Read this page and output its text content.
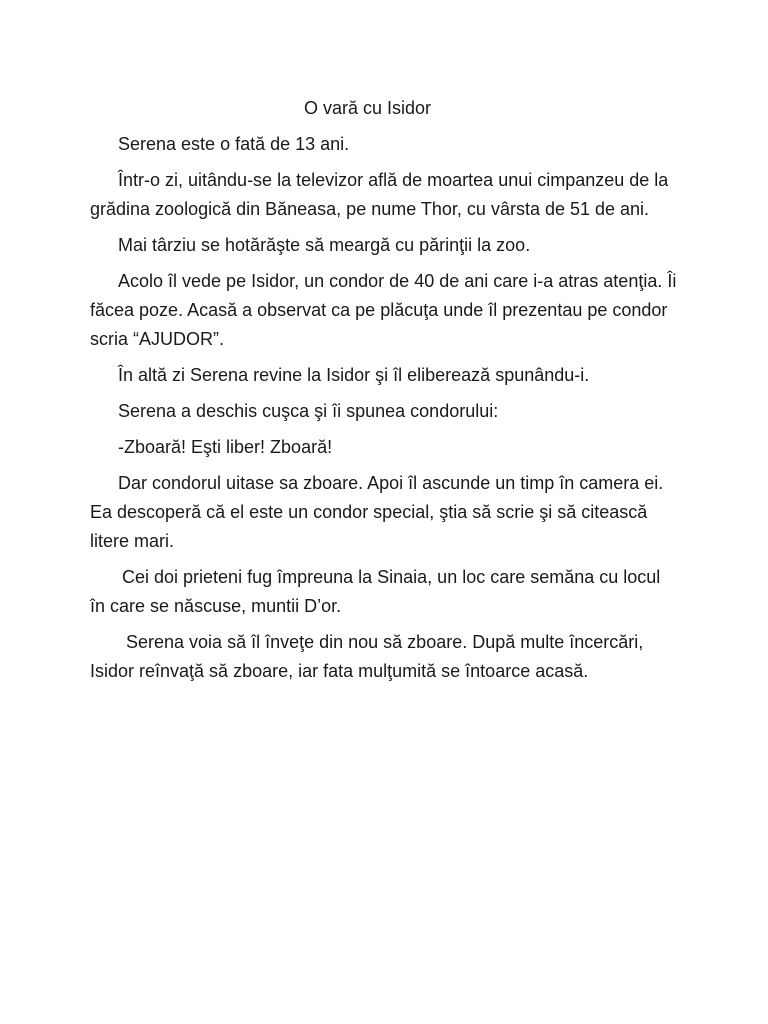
O vară cu Isidor

Serena este o fată de 13 ani.

Într-o zi, uitându-se la televizor află de moartea unui cimpanzeu de la grădina zoologică din Băneasa, pe nume Thor, cu vârsta de 51 de ani.

Mai târziu se hotărăşte să meargă cu părinţii la zoo.

Acolo îl vede pe Isidor, un condor de 40 de ani care i-a atras atenţia. Îi făcea poze. Acasă a observat ca pe plăcuţa unde îl prezentau pe condor scria “AJUDOR”.

În altă zi Serena revine la Isidor şi îl eliberează spunându-i.

Serena a deschis cuşca şi îi spunea condorului:

-Zboară! Eşti liber! Zboară!

Dar condorul uitase sa zboare. Apoi îl ascunde un timp în camera ei. Ea descoperă că el este un condor special, ştia să scrie şi să citească litere mari.

Cei doi prieteni fug împreuna la Sinaia, un loc care semăna cu locul în care se născuse, muntii D’or.

Serena voia să îl înveţe din nou să zboare. După multe încercări, Isidor reînvaţă să zboare, iar fata mulţumită se întoarce acasă.
